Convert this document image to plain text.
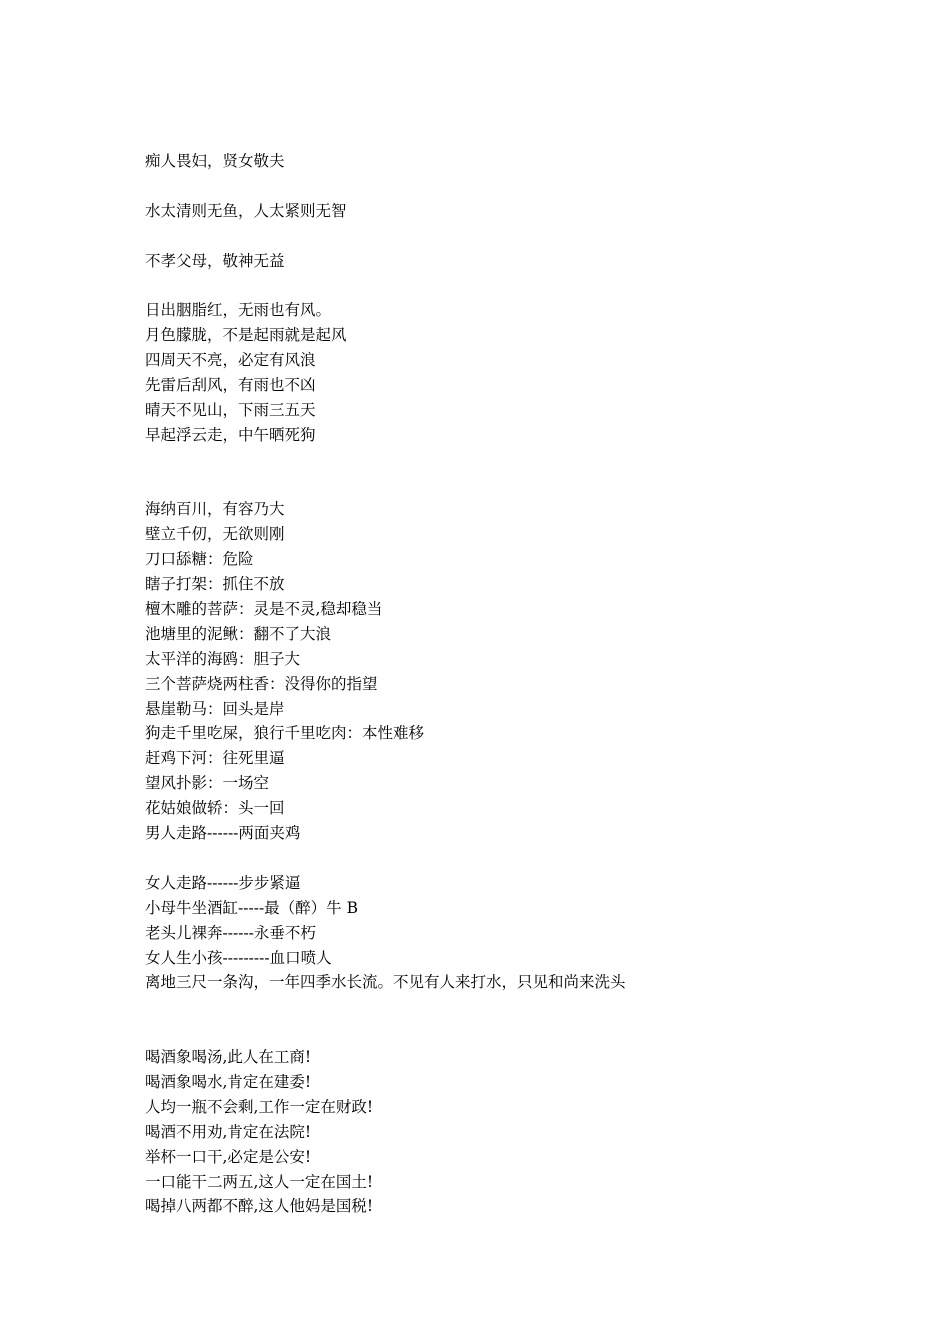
痴人畏妇，贤女敬夫
水太清则无鱼，人太紧则无智
不孝父母，敬神无益
日出胭脂红，无雨也有风。
月色朦胧，不是起雨就是起风
四周天不亮，必定有风浪
先雷后刮风，有雨也不凶
晴天不见山，下雨三五天
早起浮云走，中午晒死狗
海纳百川，有容乃大
壁立千仞，无欲则刚
刀口舔糖：危险
瞎子打架：抓住不放
檀木雕的菩萨：灵是不灵,稳却稳当
池塘里的泥鳅：翻不了大浪
太平洋的海鸥：胆子大
三个菩萨烧两柱香：没得你的指望
悬崖勒马：回头是岸
狗走千里吃屎，狼行千里吃肉：本性难移
赶鸡下河：往死里逼
望风扑影：一场空
花姑娘做轿：头一回
男人走路------两面夹鸡
女人走路------步步紧逼
小母牛坐酒缸-----最（醉）牛 B
老头儿裸奔------永垂不朽
女人生小孩---------血口喷人
离地三尺一条沟，一年四季水长流。不见有人来打水，只见和尚来洗头
喝酒象喝汤,此人在工商!
喝酒象喝水,肯定在建委!
人均一瓶不会剩,工作一定在财政!
喝酒不用劝,肯定在法院!
举杯一口干,必定是公安!
一口能干二两五,这人一定在国土!
喝掉八两都不醉,这人他妈是国税!
